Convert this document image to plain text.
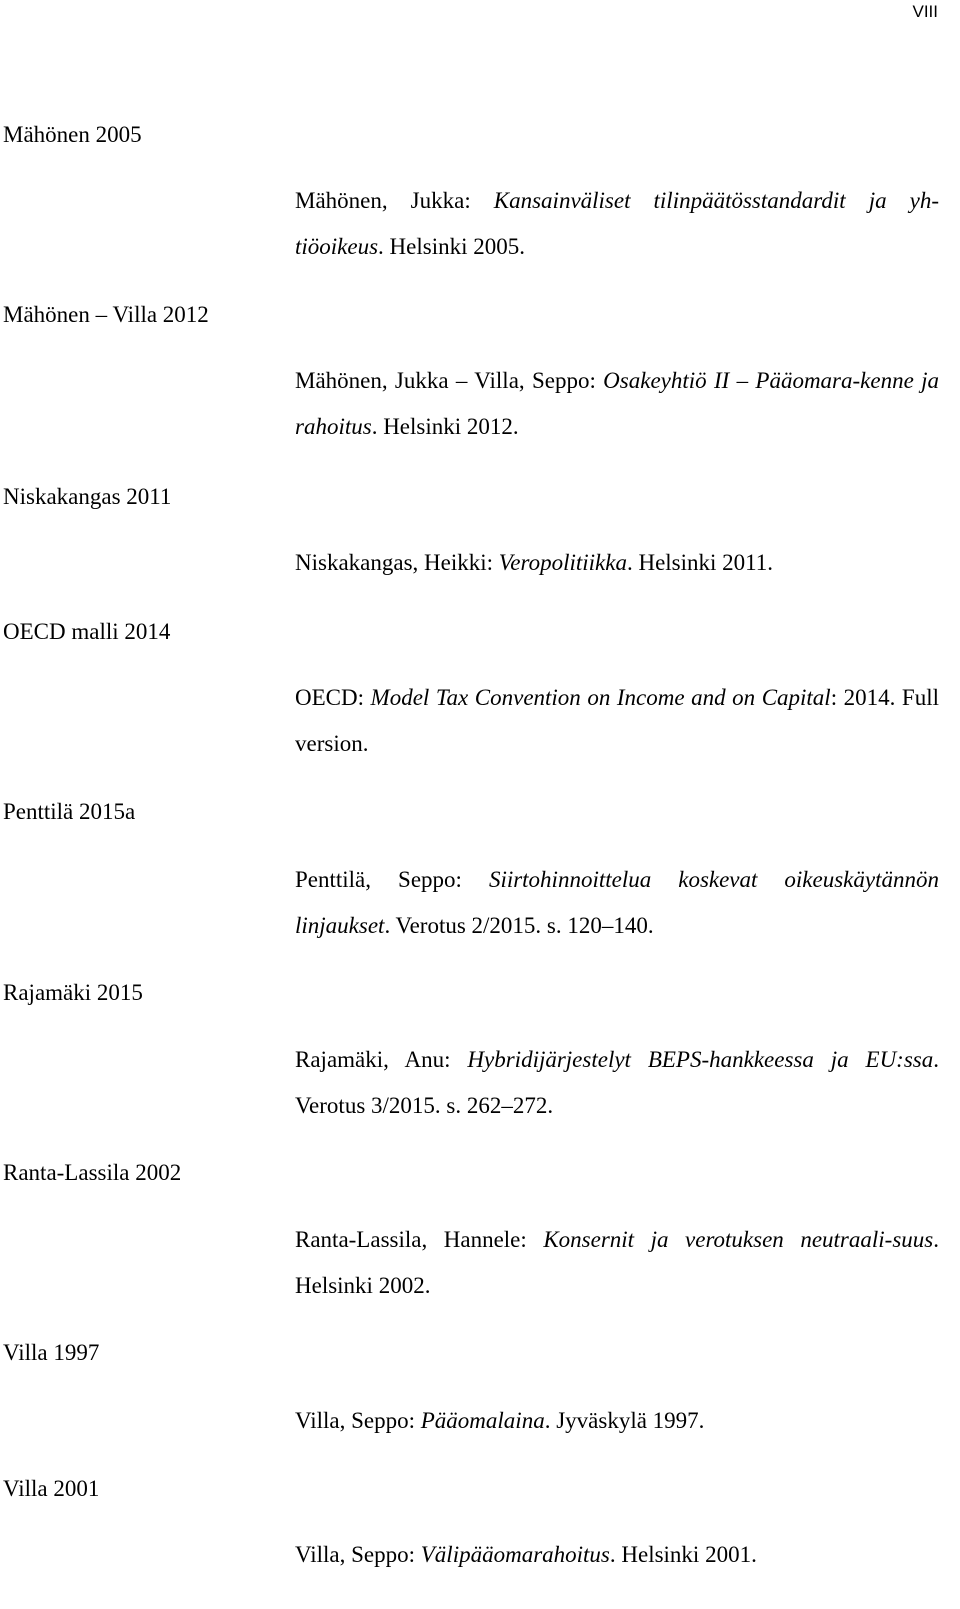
VIII
Mähönen 2005
Mähönen, Jukka: Kansainväliset tilinpäätösstandardit ja yh-tiöoikeus. Helsinki 2005.
Mähönen – Villa 2012
Mähönen, Jukka – Villa, Seppo: Osakeyhtiö II – Pääomara-kenne ja rahoitus. Helsinki 2012.
Niskakangas 2011
Niskakangas, Heikki: Veropolitiikka. Helsinki 2011.
OECD malli 2014
OECD: Model Tax Convention on Income and on Capital: 2014. Full version.
Penttilä 2015a
Penttilä, Seppo: Siirtohinnoittelua koskevat oikeuskäytännön linjaukset. Verotus 2/2015. s. 120–140.
Rajamäki 2015
Rajamäki, Anu: Hybridijärjestelyt BEPS-hankkeessa ja EU:ssa. Verotus 3/2015. s. 262–272.
Ranta-Lassila 2002
Ranta-Lassila, Hannele: Konsernit ja verotuksen neutraali-suus. Helsinki 2002.
Villa 1997
Villa, Seppo: Pääomalaina. Jyväskylä 1997.
Villa 2001
Villa, Seppo: Välipääomarahoitus. Helsinki 2001.
